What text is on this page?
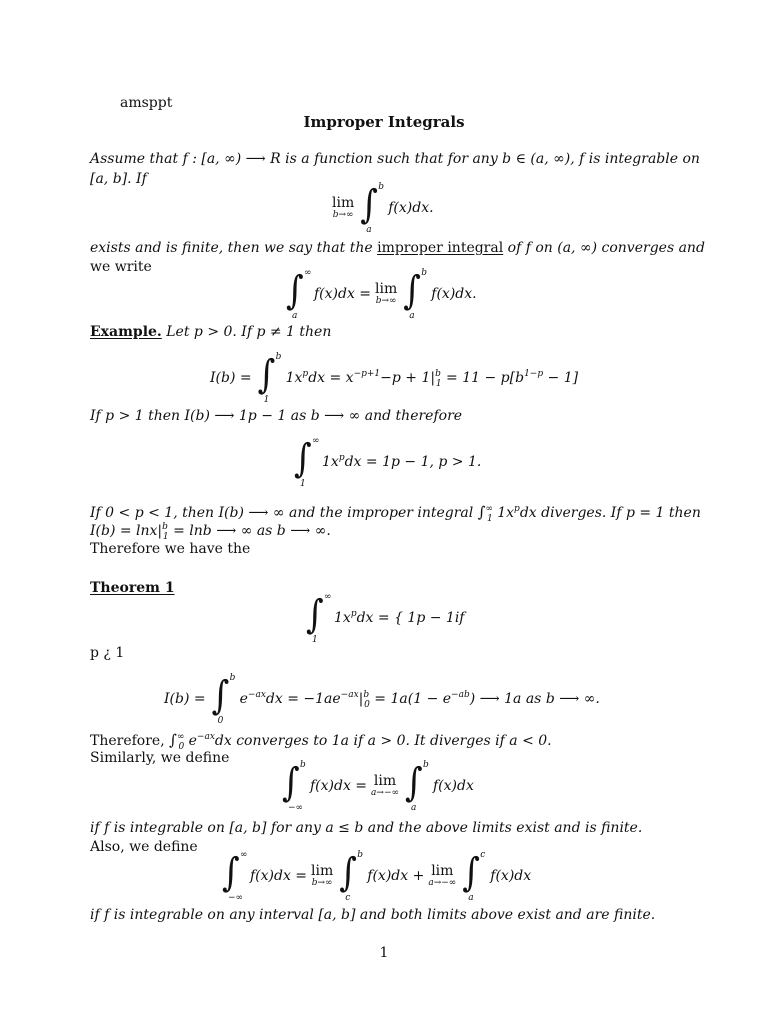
amsppt
Improper Integrals
Assume that f : [a, ∞) ⟶ R is a function such that for any b ∈ (a, ∞), f is integrable on
[a, b]. If
lim
b→∞ ∫ b
a
f(x)dx.
exists and is finite, then we say that the improper integral of f on (a, ∞) converges and
we write
∫ ∞
a
f(x)dx = lim
b→∞ ∫ b
a
f(x)dx.
Example. Let p > 0. If p ≠ 1 then
I(b) = ∫ b
1
$1x^pdx = x^{-p+1}-p + 1|^b_1 = 11 - p[b^{1-p} - 1]$
If p > 1 then I(b) ⟶ 1p − 1 as b ⟶ ∞ and therefore
∫ ∞
1
$1x^pdx = 1p - 1$, p > 1.
If 0 < p < 1, then I(b) ⟶ ∞ and the improper integral $\int^\infty_1$ $1x^pdx$ diverges. If p = 1 then
$I(b) = \ln x|^b_1 = \ln b$ ⟶ ∞ as b ⟶ ∞.
Therefore we have the
Theorem 1
∫ ∞
1
$1x^pdx$ = { 1p − 1if
p ¿ 1
I(b) = ∫ b
0
$e^{-ax}dx = -1ae^{-ax}|^b_0 = 1a(1 - e^{-ab})$ ⟶ 1a as b ⟶ ∞.
Therefore, $\int^\infty_0$ $e^{-ax}dx$ converges to 1a if a > 0. It diverges if a < 0.
Similarly, we define
∫ b
−∞
f(x)dx = lim
a→−∞ ∫ b
a
f(x)dx
if f is integrable on [a, b] for any a ≤ b and the above limits exist and is finite.
Also, we define
∫ ∞
−∞
f(x)dx = lim
b→∞ ∫ b
c
f(x)dx + lim
a→−∞ ∫ c
a
f(x)dx
if f is integrable on any interval [a, b] and both limits above exist and are finite.
1
